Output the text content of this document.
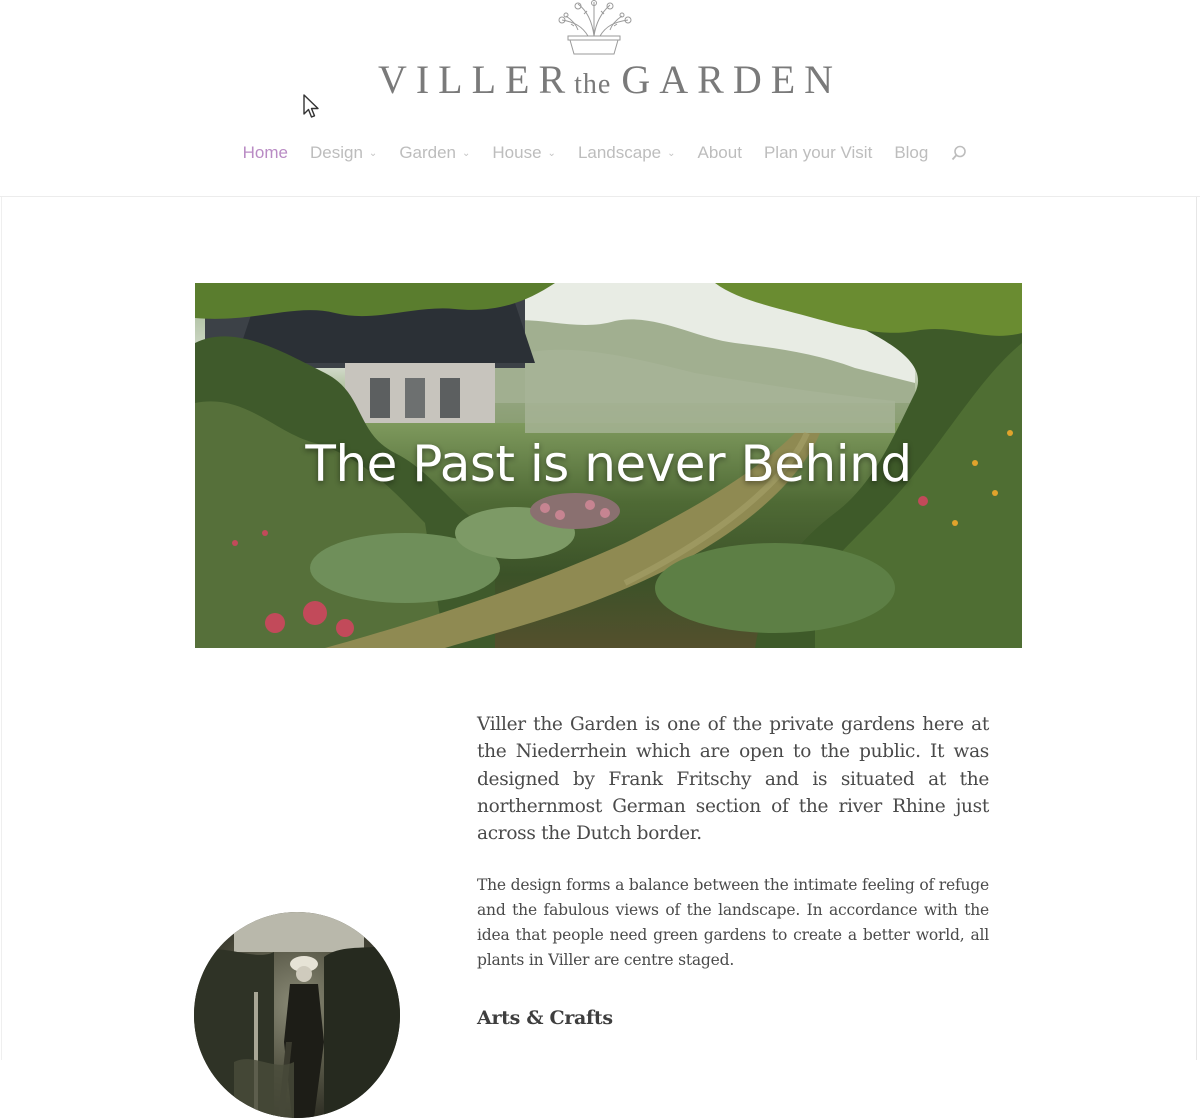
VILLER the GARDEN
Home Design ⌄ Garden ⌄ House ⌄ Landscape ⌄ About Plan your Visit Blog
The Past is never Behind

Viller the Garden is one of the private gardens here at the Niederrhein which are open to the public. It was designed by Frank Fritschy and is situated at the northernmost German section of the river Rhine just across the Dutch border.

The design forms a balance between the intimate feeling of refuge and the fabulous views of the landscape. In accordance with the idea that people need green gardens to create a better world, all plants in Viller are centre staged.

Arts & Crafts
